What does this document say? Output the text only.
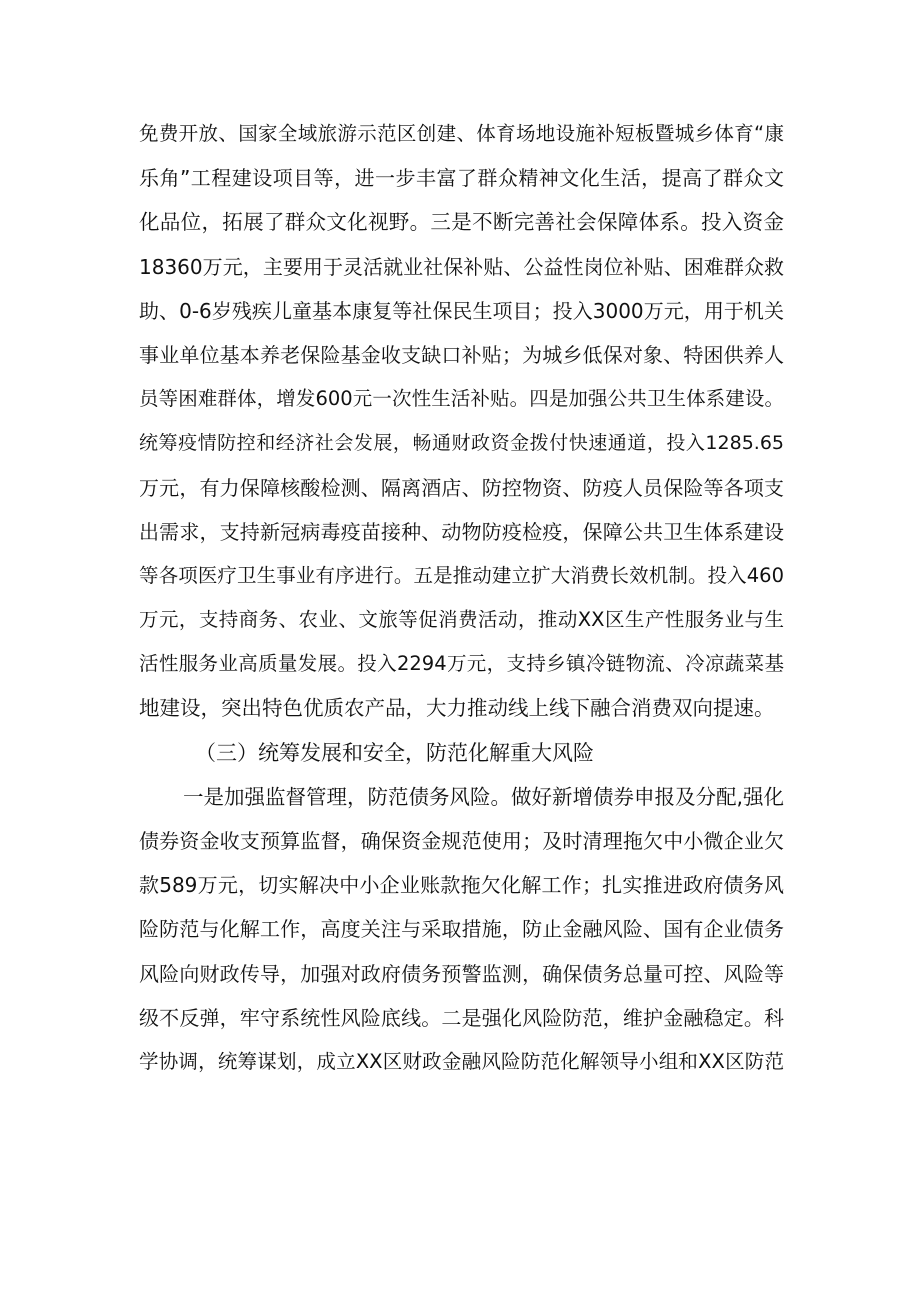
免费开放、国家全域旅游示范区创建、体育场地设施补短板暨城乡体育“康
乐角”工程建设项目等，进一步丰富了群众精神文化生活，提高了群众文
化品位，拓展了群众文化视野。三是不断完善社会保障体系。投入资金
18360万元，主要用于灵活就业社保补贴、公益性岗位补贴、困难群众救
助、0-6岁残疾儿童基本康复等社保民生项目；投入3000万元，用于机关
事业单位基本养老保险基金收支缺口补贴；为城乡低保对象、特困供养人
员等困难群体，增发600元一次性生活补贴。四是加强公共卫生体系建设。
统筹疫情防控和经济社会发展，畅通财政资金拨付快速通道，投入1285.65
万元，有力保障核酸检测、隔离酒店、防控物资、防疫人员保险等各项支
出需求，支持新冠病毒疫苗接种、动物防疫检疫，保障公共卫生体系建设
等各项医疗卫生事业有序进行。五是推动建立扩大消费长效机制。投入460
万元，支持商务、农业、文旅等促消费活动，推动XX区生产性服务业与生
活性服务业高质量发展。投入2294万元，支持乡镇冷链物流、冷凉蔬菜基
地建设，突出特色优质农产品，大力推动线上线下融合消费双向提速。
（三）统筹发展和安全，防范化解重大风险
一是加强监督管理，防范债务风险。做好新增债券申报及分配,强化
债券资金收支预算监督，确保资金规范使用；及时清理拖欠中小微企业欠
款589万元，切实解决中小企业账款拖欠化解工作；扎实推进政府债务风
险防范与化解工作，高度关注与采取措施，防止金融风险、国有企业债务
风险向财政传导，加强对政府债务预警监测，确保债务总量可控、风险等
级不反弹，牢守系统性风险底线。二是强化风险防范，维护金融稳定。科
学协调，统筹谋划，成立XX区财政金融风险防范化解领导小组和XX区防范
